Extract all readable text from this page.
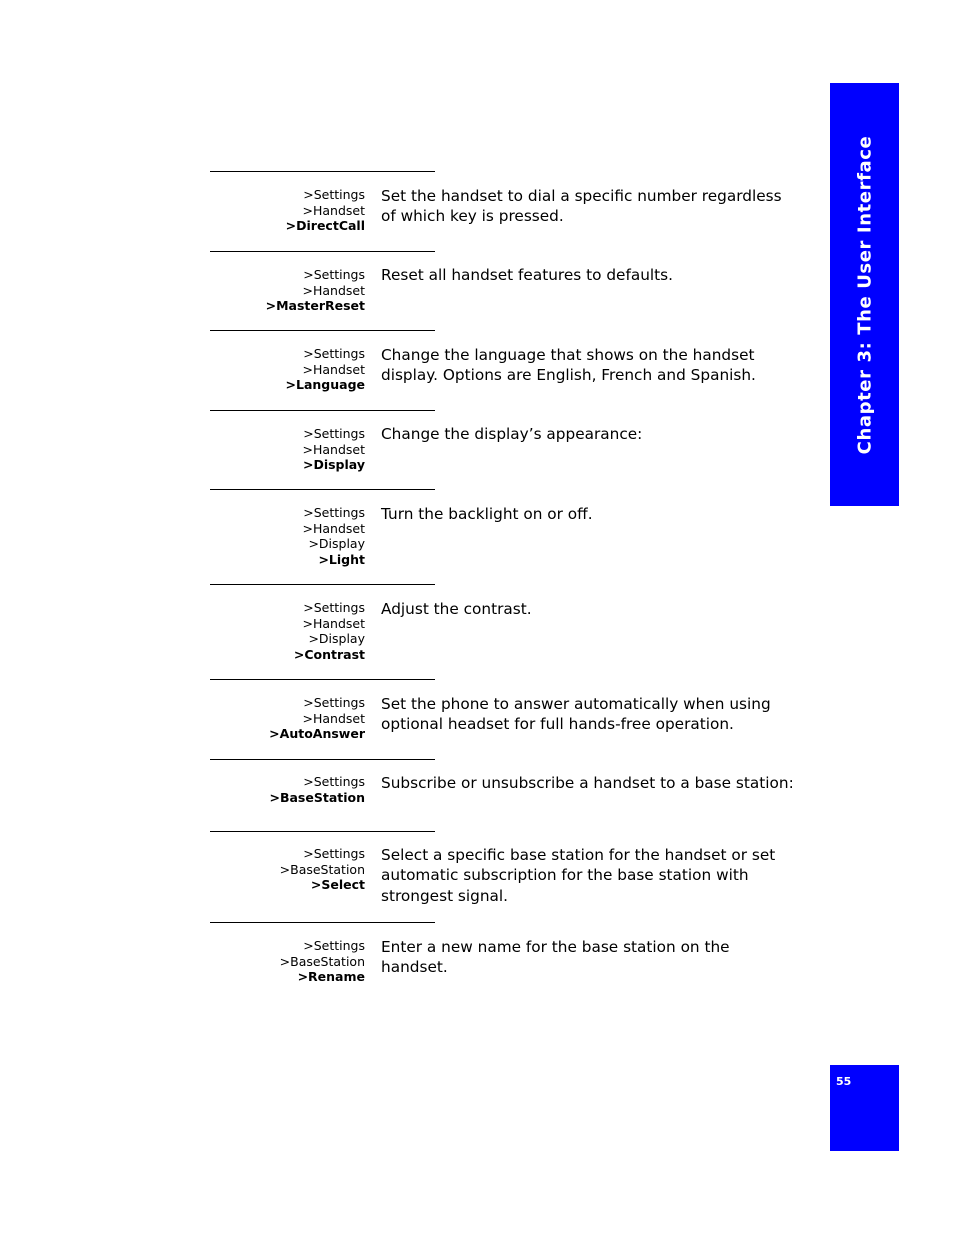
Chapter 3: The User Interface
55
>Settings
>Handset
>DirectCall
Set the handset to dial a specific number regardless of which key is pressed.
>Settings
>Handset
>MasterReset
Reset all handset features to defaults.
>Settings
>Handset
>Language
Change the language that shows on the handset display. Options are English, French and Spanish.
>Settings
>Handset
>Display
Change the display’s appearance:
>Settings
>Handset
>Display
>Light
Turn the backlight on or off.
>Settings
>Handset
>Display
>Contrast
Adjust the contrast.
>Settings
>Handset
>AutoAnswer
Set the phone to answer automatically when using optional headset for full hands-free operation.
>Settings
>BaseStation
Subscribe or unsubscribe a handset to a base station:
>Settings
>BaseStation
>Select
Select a specific base station for the handset or set automatic subscription for the base station with strongest signal.
>Settings
>BaseStation
>Rename
Enter a new name for the base station on the handset.
